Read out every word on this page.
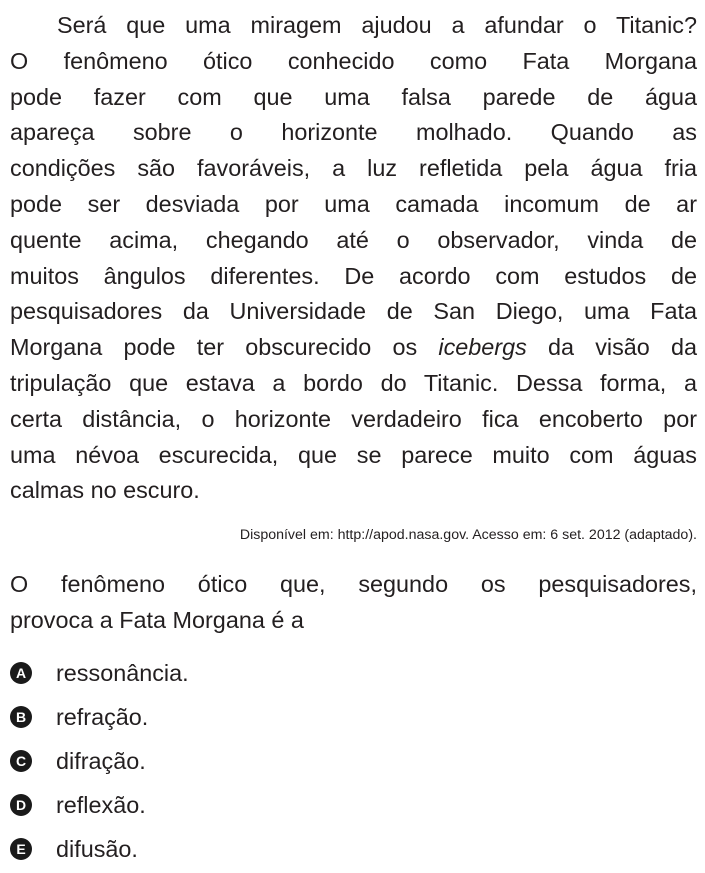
Será que uma miragem ajudou a afundar o Titanic?
O fenômeno ótico conhecido como Fata Morgana
pode fazer com que uma falsa parede de água
apareça sobre o horizonte molhado. Quando as
condições são favoráveis, a luz refletida pela água fria
pode ser desviada por uma camada incomum de ar
quente acima, chegando até o observador, vinda de
muitos ângulos diferentes. De acordo com estudos de
pesquisadores da Universidade de San Diego, uma Fata
Morgana pode ter obscurecido os icebergs da visão da
tripulação que estava a bordo do Titanic. Dessa forma, a
certa distância, o horizonte verdadeiro fica encoberto por
uma névoa escurecida, que se parece muito com águas
calmas no escuro.
Disponível em: http://apod.nasa.gov. Acesso em: 6 set. 2012 (adaptado).
O fenômeno ótico que, segundo os pesquisadores,
provoca a Fata Morgana é a
A ressonância.
B refração.
C difração.
D reflexão.
E difusão.
